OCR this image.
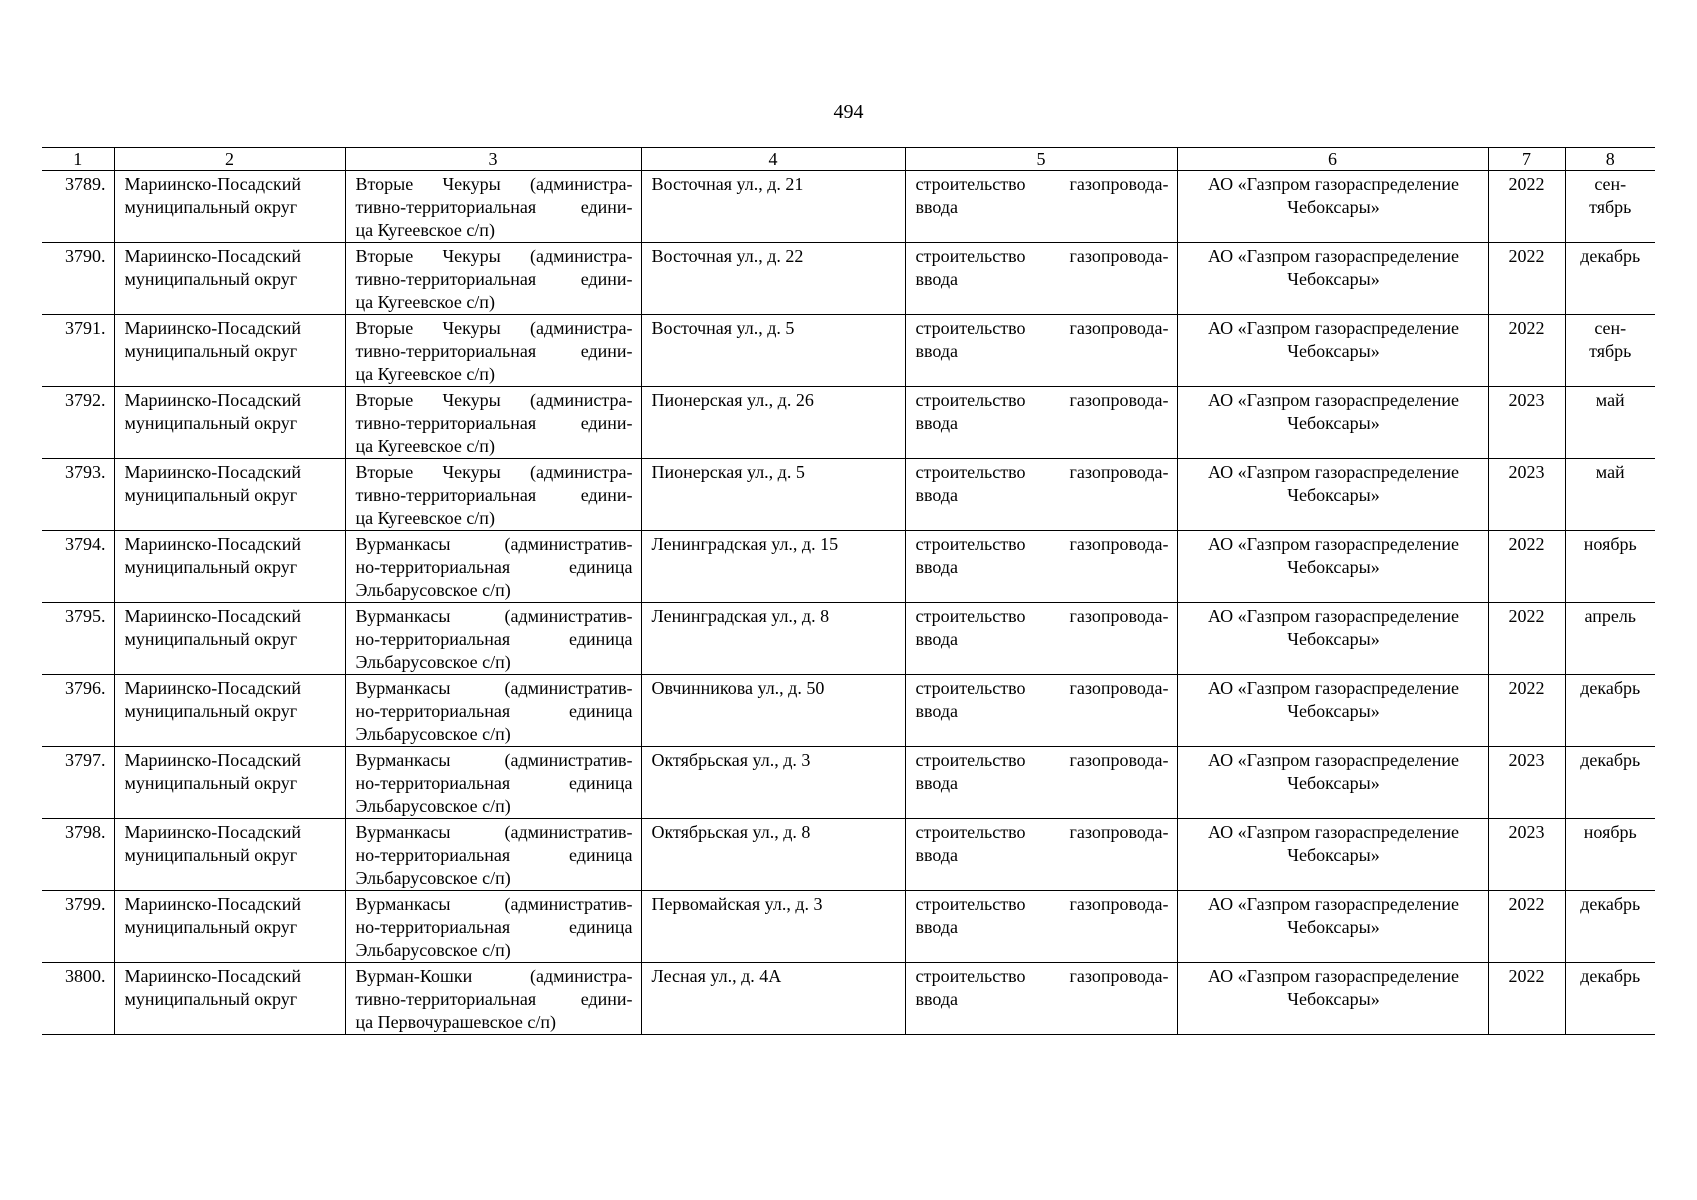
494
1	2	3	4	5	6	7	8

3789.	Мариинско-Посадский
муниципальный округ	Вторые Чекуры (администра-
тивно-территориальная едини-
ца Кугеевское с/п)	Восточная ул., д. 21	строительство газопровода-
ввода	АО «Газпром газораспределение
Чебоксары»	2022	сен-
тябрь

3790.	Мариинско-Посадский
муниципальный округ	Вторые Чекуры (администра-
тивно-территориальная едини-
ца Кугеевское с/п)	Восточная ул., д. 22	строительство газопровода-
ввода	АО «Газпром газораспределение
Чебоксары»	2022	декабрь

3791.	Мариинско-Посадский
муниципальный округ	Вторые Чекуры (администра-
тивно-территориальная едини-
ца Кугеевское с/п)	Восточная ул., д. 5	строительство газопровода-
ввода	АО «Газпром газораспределение
Чебоксары»	2022	сен-
тябрь

3792.	Мариинско-Посадский
муниципальный округ	Вторые Чекуры (администра-
тивно-территориальная едини-
ца Кугеевское с/п)	Пионерская ул., д. 26	строительство газопровода-
ввода	АО «Газпром газораспределение
Чебоксары»	2023	май

3793.	Мариинско-Посадский
муниципальный округ	Вторые Чекуры (администра-
тивно-территориальная едини-
ца Кугеевское с/п)	Пионерская ул., д. 5	строительство газопровода-
ввода	АО «Газпром газораспределение
Чебоксары»	2023	май

3794.	Мариинско-Посадский
муниципальный округ	Вурманкасы (административ-
но-территориальная единица
Эльбарусовское с/п)	Ленинградская ул., д. 15	строительство газопровода-
ввода	АО «Газпром газораспределение
Чебоксары»	2022	ноябрь

3795.	Мариинско-Посадский
муниципальный округ	Вурманкасы (административ-
но-территориальная единица
Эльбарусовское с/п)	Ленинградская ул., д. 8	строительство газопровода-
ввода	АО «Газпром газораспределение
Чебоксары»	2022	апрель

3796.	Мариинско-Посадский
муниципальный округ	Вурманкасы (административ-
но-территориальная единица
Эльбарусовское с/п)	Овчинникова ул., д. 50	строительство газопровода-
ввода	АО «Газпром газораспределение
Чебоксары»	2022	декабрь

3797.	Мариинско-Посадский
муниципальный округ	Вурманкасы (административ-
но-территориальная единица
Эльбарусовское с/п)	Октябрьская ул., д. 3	строительство газопровода-
ввода	АО «Газпром газораспределение
Чебоксары»	2023	декабрь

3798.	Мариинско-Посадский
муниципальный округ	Вурманкасы (административ-
но-территориальная единица
Эльбарусовское с/п)	Октябрьская ул., д. 8	строительство газопровода-
ввода	АО «Газпром газораспределение
Чебоксары»	2023	ноябрь

3799.	Мариинско-Посадский
муниципальный округ	Вурманкасы (административ-
но-территориальная единица
Эльбарусовское с/п)	Первомайская ул., д. 3	строительство газопровода-
ввода	АО «Газпром газораспределение
Чебоксары»	2022	декабрь

3800.	Мариинско-Посадский
муниципальный округ	Вурман-Кошки (администра-
тивно-территориальная едини-
ца Первочурашевское с/п)	Лесная ул., д. 4А	строительство газопровода-
ввода	АО «Газпром газораспределение
Чебоксары»	2022	декабрь
